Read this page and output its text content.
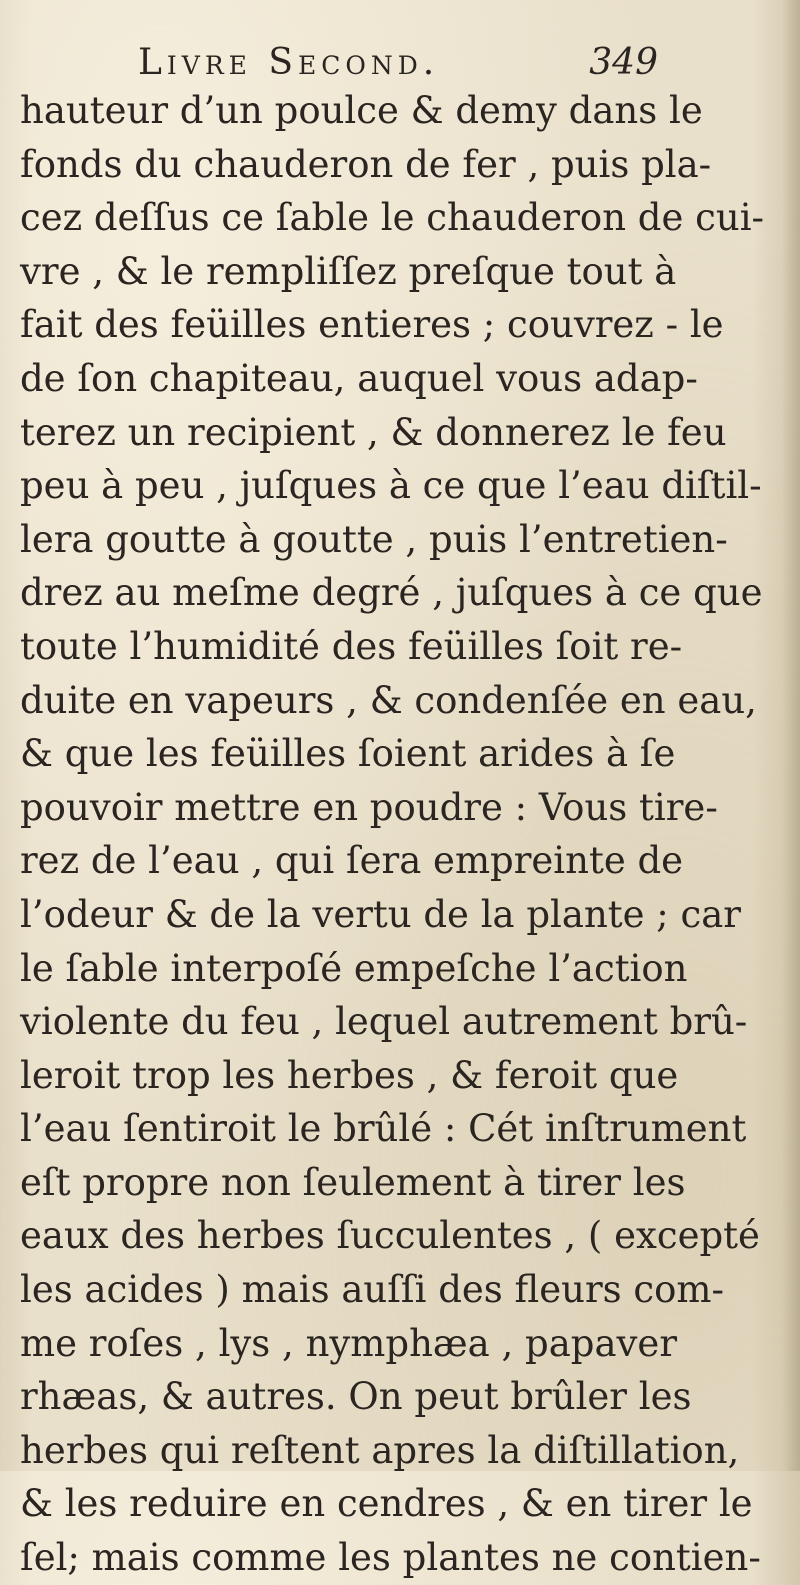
Livre Second.	349
hauteur d’un poulce & demy dans le
fonds du chauderon de fer , puis pla-
cez deſſus ce ſable le chauderon de cui-
vre , & le rempliſſez preſque tout à
fait des feüilles entieres ; couvrez - le
de ſon chapiteau, auquel vous adap-
terez un recipient , & donnerez le feu
peu à peu , juſques à ce que l’eau diſtil-
lera goutte à goutte , puis l’entretien-
drez au meſme degré , juſques à ce que
toute l’humidité des feüilles ſoit re-
duite en vapeurs , & condenſée en eau,
& que les feüilles ſoient arides à ſe
pouvoir mettre en poudre : Vous tire-
rez de l’eau , qui ſera empreinte de
l’odeur & de la vertu de la plante ; car
le ſable interpoſé empeſche l’action
violente du feu , lequel autrement brû-
leroit trop les herbes , & feroit que
l’eau ſentiroit le brûlé : Cét inſtrument
eſt propre non ſeulement à tirer les
eaux des herbes ſucculentes , ( excepté
les acides ) mais auſſi des fleurs com-
me roſes , lys , nymphæa , papaver
rhæas, & autres. On peut brûler les
herbes qui reſtent apres la diſtillation,
& les reduire en cendres , & en tirer le
ſel; mais comme les plantes ne contien-
